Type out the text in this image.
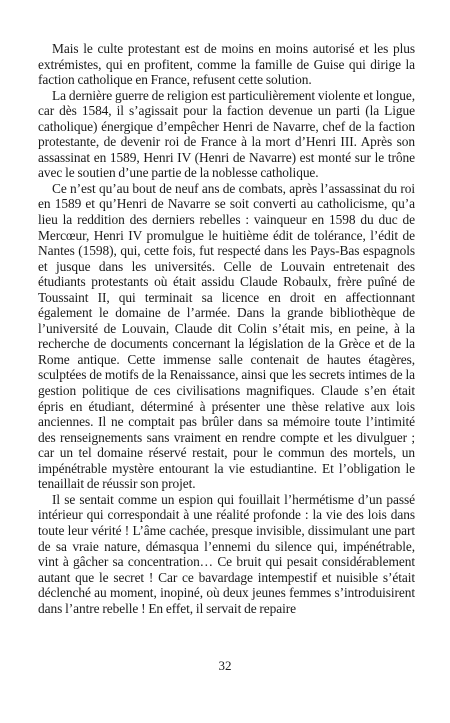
Mais le culte protestant est de moins en moins autorisé et les plus extrémistes, qui en profitent, comme la famille de Guise qui dirige la faction catholique en France, refusent cette solution.

La dernière guerre de religion est particulièrement violente et longue, car dès 1584, il s’agissait pour la faction devenue un parti (la Ligue catholique) énergique d’empêcher Henri de Navarre, chef de la faction protestante, de devenir roi de France à la mort d’Henri III. Après son assassinat en 1589, Henri IV (Henri de Navarre) est monté sur le trône avec le soutien d’une partie de la noblesse catholique.

Ce n’est qu’au bout de neuf ans de combats, après l’assassinat du roi en 1589 et qu’Henri de Navarre se soit converti au catholicisme, qu’a lieu la reddition des derniers rebelles : vainqueur en 1598 du duc de Mercœur, Henri IV promulgue le huitième édit de tolérance, l’édit de Nantes (1598), qui, cette fois, fut respecté dans les Pays-Bas espagnols et jusque dans les universités. Celle de Louvain entretenait des étudiants protestants où était assidu Claude Robaulx, frère puîné de Toussaint II, qui terminait sa licence en droit en affectionnant également le domaine de l’armée. Dans la grande bibliothèque de l’université de Louvain, Claude dit Colin s’était mis, en peine, à la recherche de documents concernant la législation de la Grèce et de la Rome antique. Cette immense salle contenait de hautes étagères, sculptées de motifs de la Renaissance, ainsi que les secrets intimes de la gestion politique de ces civilisations magnifiques. Claude s’en était épris en étudiant, déterminé à présenter une thèse relative aux lois anciennes. Il ne comptait pas brûler dans sa mémoire toute l’intimité des renseignements sans vraiment en rendre compte et les divulguer ; car un tel domaine réservé restait, pour le commun des mortels, un impénétrable mystère entourant la vie estudiantine. Et l’obligation le tenaillait de réussir son projet.

Il se sentait comme un espion qui fouillait l’hermétisme d’un passé intérieur qui correspondait à une réalité profonde : la vie des lois dans toute leur vérité ! L’âme cachée, presque invisible, dissimulant une part de sa vraie nature, démasqua l’ennemi du silence qui, impénétrable, vint à gâcher sa concentration… Ce bruit qui pesait considérablement autant que le secret ! Car ce bavardage intempestif et nuisible s’était déclenché au moment, inopiné, où deux jeunes femmes s’introduisirent dans l’antre rebelle ! En effet, il servait de repaire

32
